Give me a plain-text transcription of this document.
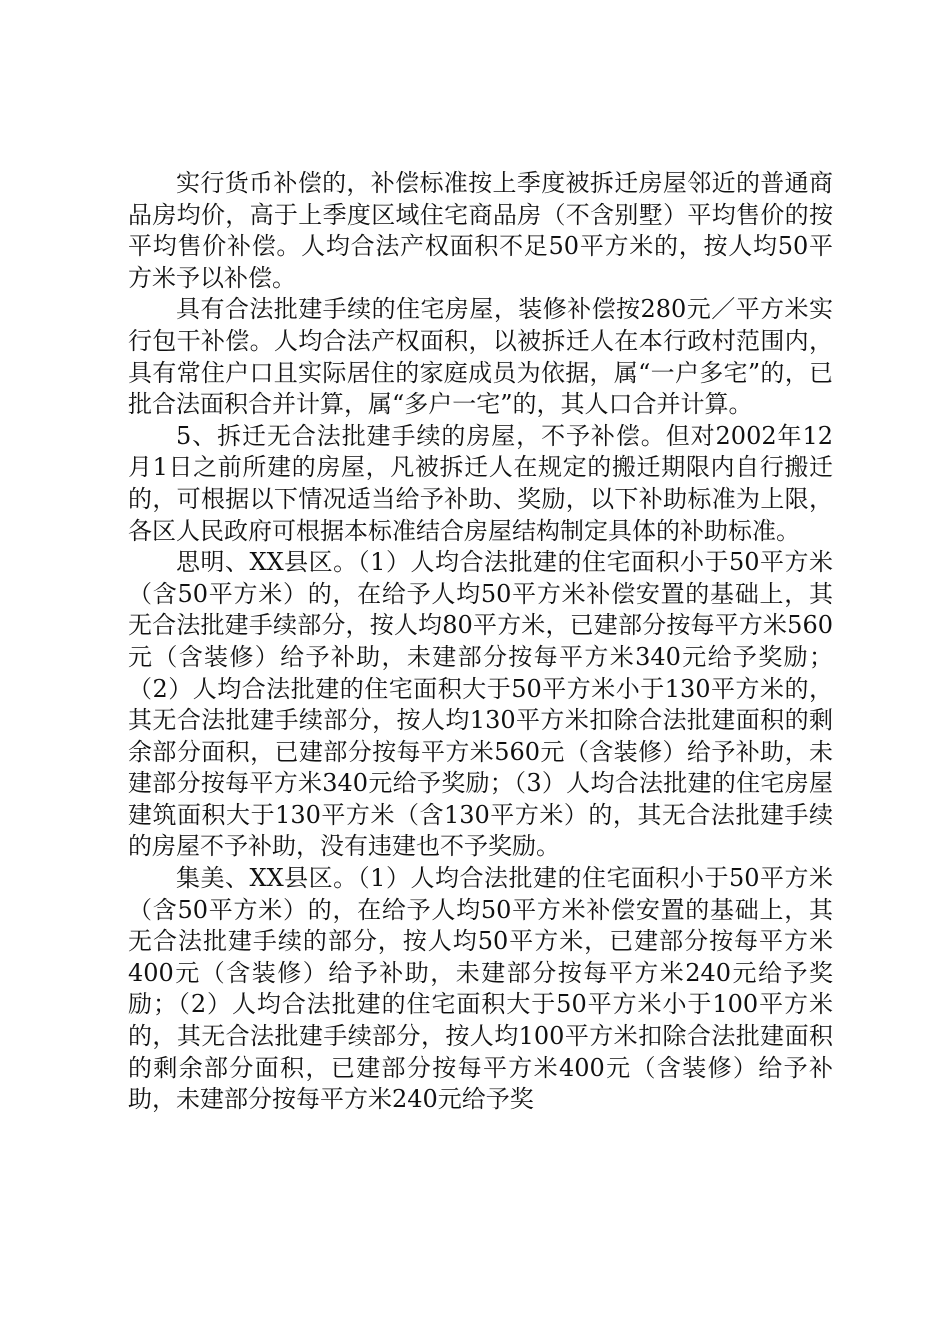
实行货币补偿的，补偿标准按上季度被拆迁房屋邻近的普通商品房均价，高于上季度区域住宅商品房（不含别墅）平均售价的按平均售价补偿。人均合法产权面积不足50平方米的，按人均50平方米予以补偿。

具有合法批建手续的住宅房屋，装修补偿按280元／平方米实行包干补偿。人均合法产权面积，以被拆迁人在本行政村范围内，具有常住户口且实际居住的家庭成员为依据，属“一户多宅”的，已批合法面积合并计算，属“多户一宅”的，其人口合并计算。

5、拆迁无合法批建手续的房屋，不予补偿。但对2002年12月1日之前所建的房屋，凡被拆迁人在规定的搬迁期限内自行搬迁的，可根据以下情况适当给予补助、奖励，以下补助标准为上限，各区人民政府可根据本标准结合房屋结构制定具体的补助标准。

思明、XX县区。（1）人均合法批建的住宅面积小于50平方米（含50平方米）的，在给予人均50平方米补偿安置的基础上，其无合法批建手续部分，按人均80平方米，已建部分按每平方米560元（含装修）给予补助，未建部分按每平方米340元给予奖励；（2）人均合法批建的住宅面积大于50平方米小于130平方米的，其无合法批建手续部分，按人均130平方米扣除合法批建面积的剩余部分面积，已建部分按每平方米560元（含装修）给予补助，未建部分按每平方米340元给予奖励；（3）人均合法批建的住宅房屋建筑面积大于130平方米（含130平方米）的，其无合法批建手续的房屋不予补助，没有违建也不予奖励。

集美、XX县区。（1）人均合法批建的住宅面积小于50平方米（含50平方米）的，在给予人均50平方米补偿安置的基础上，其无合法批建手续的部分，按人均50平方米，已建部分按每平方米400元（含装修）给予补助，未建部分按每平方米240元给予奖励；（2）人均合法批建的住宅面积大于50平方米小于100平方米的，其无合法批建手续部分，按人均100平方米扣除合法批建面积的剩余部分面积，已建部分按每平方米400元（含装修）给予补助，未建部分按每平方米240元给予奖
